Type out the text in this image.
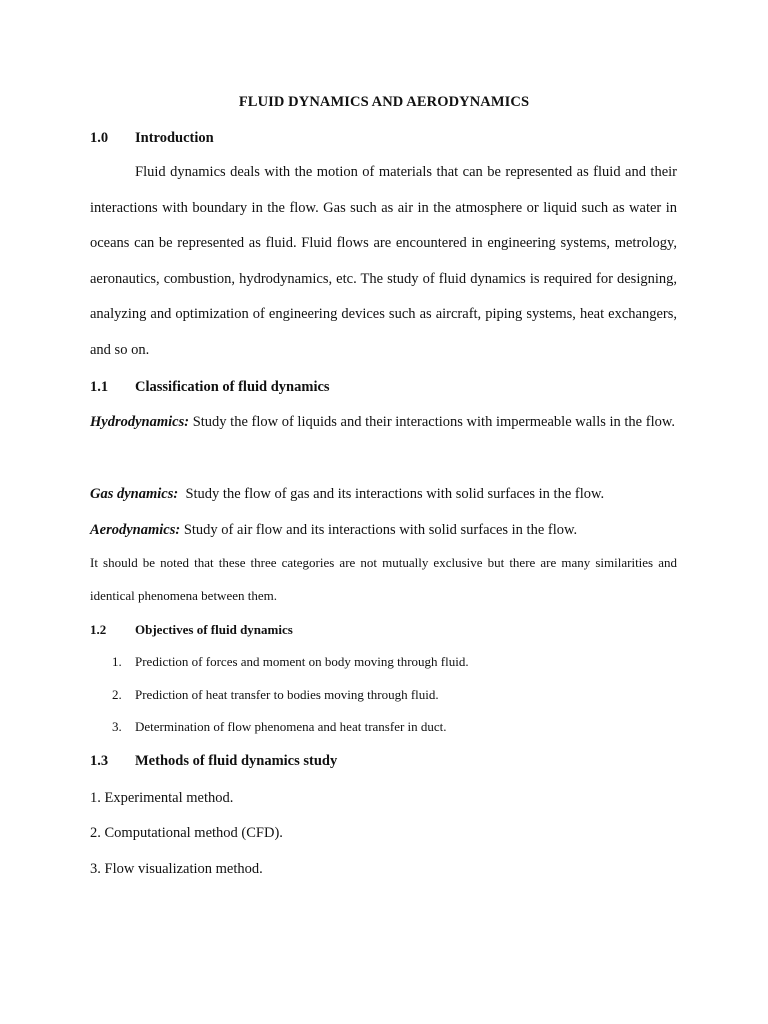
FLUID DYNAMICS AND AERODYNAMICS
1.0 Introduction
Fluid dynamics deals with the motion of materials that can be represented as fluid and their interactions with boundary in the flow. Gas such as air in the atmosphere or liquid such as water in oceans can be represented as fluid. Fluid flows are encountered in engineering systems, metrology, aeronautics, combustion, hydrodynamics, etc. The study of fluid dynamics is required for designing, analyzing and optimization of engineering devices such as aircraft, piping systems, heat exchangers, and so on.
1.1 Classification of fluid dynamics
Hydrodynamics: Study the flow of liquids and their interactions with impermeable walls in the flow.
Gas dynamics:  Study the flow of gas and its interactions with solid surfaces in the flow.
Aerodynamics: Study of air flow and its interactions with solid surfaces in the flow.
It should be noted that these three categories are not mutually exclusive but there are many similarities and identical phenomena between them.
1.2 Objectives of fluid dynamics
1. Prediction of forces and moment on body moving through fluid.
2. Prediction of heat transfer to bodies moving through fluid.
3. Determination of flow phenomena and heat transfer in duct.
1.3 Methods of fluid dynamics study
1. Experimental method.
2. Computational method (CFD).
3. Flow visualization method.
